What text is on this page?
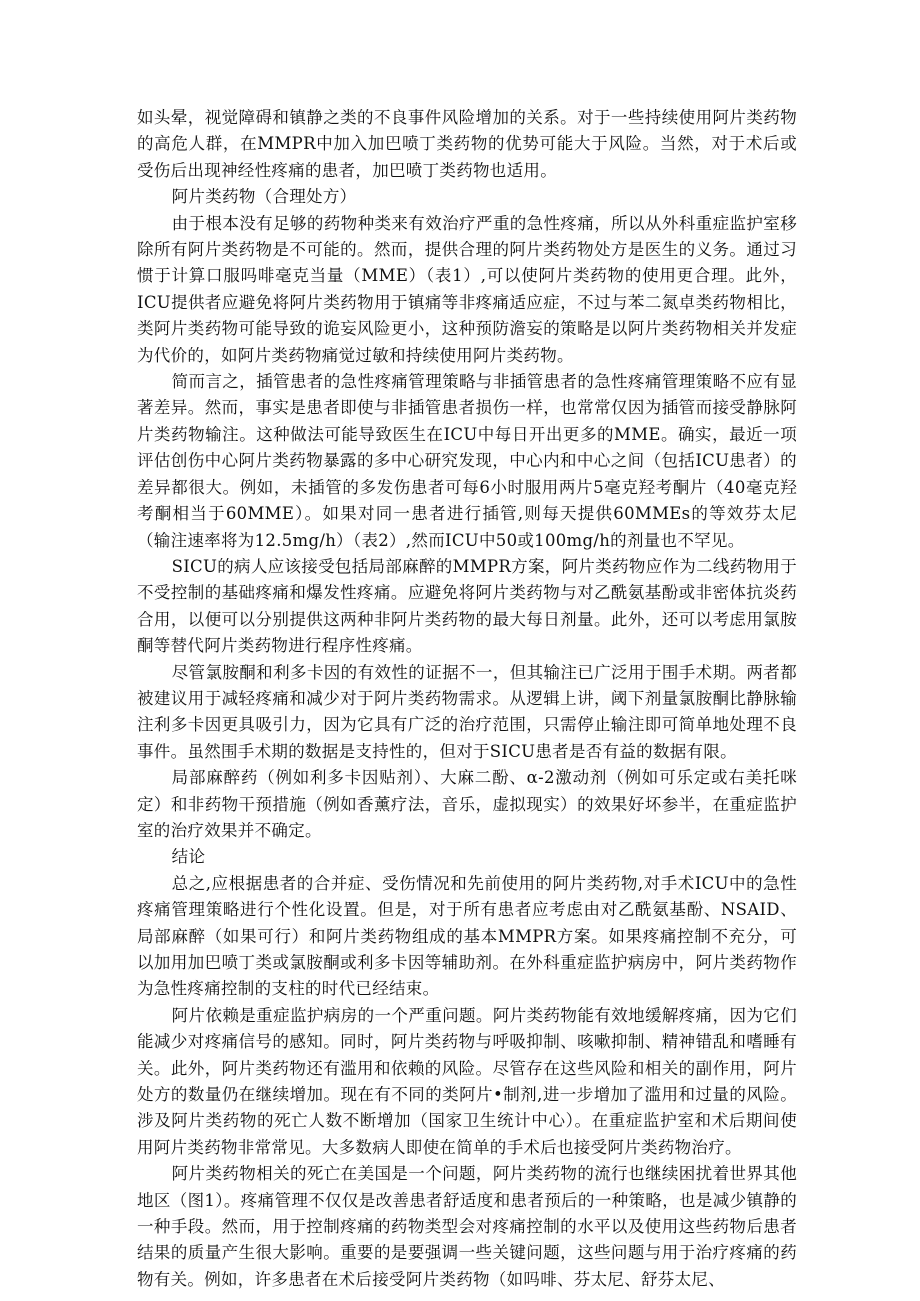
如头晕，视觉障碍和镇静之类的不良事件风险增加的关系。对于一些持续使用阿片类药物的高危人群，在MMPR中加入加巴喷丁类药物的优势可能大于风险。当然，对于术后或受伤后出现神经性疼痛的患者，加巴喷丁类药物也适用。

阿片类药物（合理处方）

由于根本没有足够的药物种类来有效治疗严重的急性疼痛，所以从外科重症监护室移除所有阿片类药物是不可能的。然而，提供合理的阿片类药物处方是医生的义务。通过习惯于计算口服吗啡毫克当量（MME）（表1）,可以使阿片类药物的使用更合理。此外，ICU提供者应避免将阿片类药物用于镇痛等非疼痛适应症，不过与苯二氮卓类药物相比，类阿片类药物可能导致的诡妄风险更小，这种预防澹妄的策略是以阿片类药物相关并发症为代价的，如阿片类药物痛觉过敏和持续使用阿片类药物。

简而言之，插管患者的急性疼痛管理策略与非插管患者的急性疼痛管理策略不应有显著差异。然而，事实是患者即使与非插管患者损伤一样，也常常仅因为插管而接受静脉阿片类药物输注。这种做法可能导致医生在ICU中每日开出更多的MME。确实，最近一项评估创伤中心阿片类药物暴露的多中心研究发现，中心内和中心之间（包括ICU患者）的差异都很大。例如，未插管的多发伤患者可每6小时服用两片5毫克羟考酮片（40毫克羟考酮相当于60MME）。如果对同一患者进行插管,则每天提供60MMEs的等效芬太尼（输注速率将为12.5mg/h）（表2）,然而ICU中50或100mg/h的剂量也不罕见。

SICU的病人应该接受包括局部麻醉的MMPR方案，阿片类药物应作为二线药物用于不受控制的基础疼痛和爆发性疼痛。应避免将阿片类药物与对乙酰氨基酚或非密体抗炎药合用，以便可以分别提供这两种非阿片类药物的最大每日剂量。此外，还可以考虑用氯胺酮等替代阿片类药物进行程序性疼痛。

尽管氯胺酮和利多卡因的有效性的证据不一，但其输注已广泛用于围手术期。两者都被建议用于减轻疼痛和减少对于阿片类药物需求。从逻辑上讲，阈下剂量氯胺酮比静脉输注利多卡因更具吸引力，因为它具有广泛的治疗范围，只需停止输注即可简单地处理不良事件。虽然围手术期的数据是支持性的，但对于SICU患者是否有益的数据有限。

局部麻醉药（例如利多卡因贴剂）、大麻二酚、α-2激动剂（例如可乐定或右美托咪定）和非药物干预措施（例如香薰疗法，音乐，虚拟现实）的效果好坏参半，在重症监护室的治疗效果并不确定。

结论

总之,应根据患者的合并症、受伤情况和先前使用的阿片类药物,对手术ICU中的急性疼痛管理策略进行个性化设置。但是，对于所有患者应考虑由对乙酰氨基酚、NSAID、局部麻醉（如果可行）和阿片类药物组成的基本MMPR方案。如果疼痛控制不充分，可以加用加巴喷丁类或氯胺酮或利多卡因等辅助剂。在外科重症监护病房中，阿片类药物作为急性疼痛控制的支柱的时代已经结束。

阿片依赖是重症监护病房的一个严重问题。阿片类药物能有效地缓解疼痛，因为它们能减少对疼痛信号的感知。同时，阿片类药物与呼吸抑制、咳嗽抑制、精神错乱和嗜睡有关。此外，阿片类药物还有滥用和依赖的风险。尽管存在这些风险和相关的副作用，阿片处方的数量仍在继续增加。现在有不同的类阿片•制剂,进一步增加了滥用和过量的风险。涉及阿片类药物的死亡人数不断增加（国家卫生统计中心）。在重症监护室和术后期间使用阿片类药物非常常见。大多数病人即使在简单的手术后也接受阿片类药物治疗。

阿片类药物相关的死亡在美国是一个问题，阿片类药物的流行也继续困扰着世界其他地区（图1）。疼痛管理不仅仅是改善患者舒适度和患者预后的一种策略，也是减少镇静的一种手段。然而，用于控制疼痛的药物类型会对疼痛控制的水平以及使用这些药物后患者结果的质量产生很大影响。重要的是要强调一些关键问题，这些问题与用于治疗疼痛的药物有关。例如，许多患者在术后接受阿片类药物（如吗啡、芬太尼、舒芬太尼、
